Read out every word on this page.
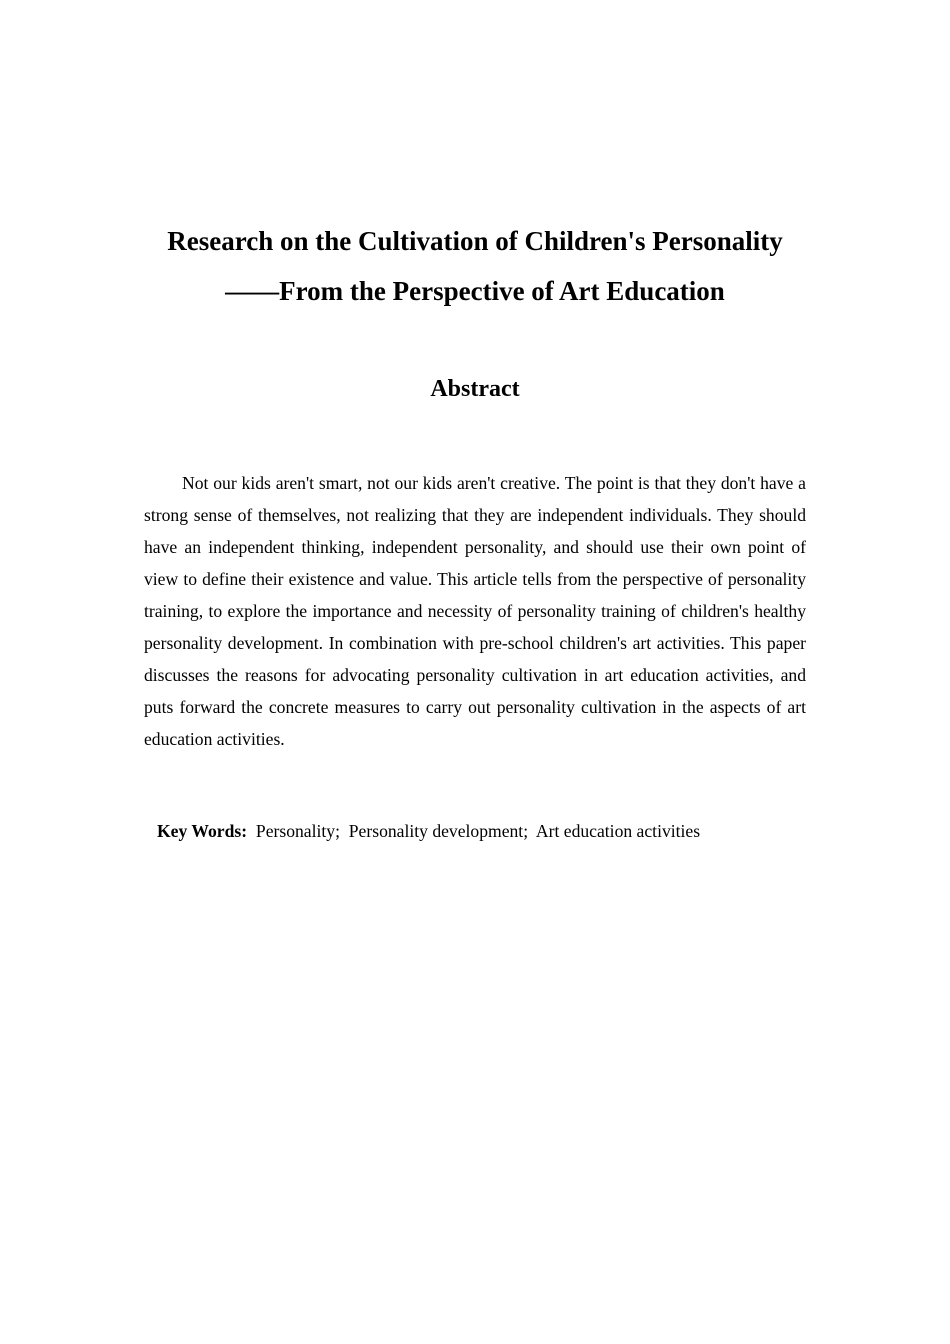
Research on the Cultivation of Children's Personality
——From the Perspective of Art Education
Abstract
Not our kids aren't smart, not our kids aren't creative. The point is that they don't have a strong sense of themselves, not realizing that they are independent individuals. They should have an independent thinking, independent personality, and should use their own point of view to define their existence and value. This article tells from the perspective of personality training, to explore the importance and necessity of personality training of children's healthy personality development. In combination with pre-school children's art activities. This paper discusses the reasons for advocating personality cultivation in art education activities, and puts forward the concrete measures to carry out personality cultivation in the aspects of art education activities.
Key Words: Personality; Personality development; Art education activities
